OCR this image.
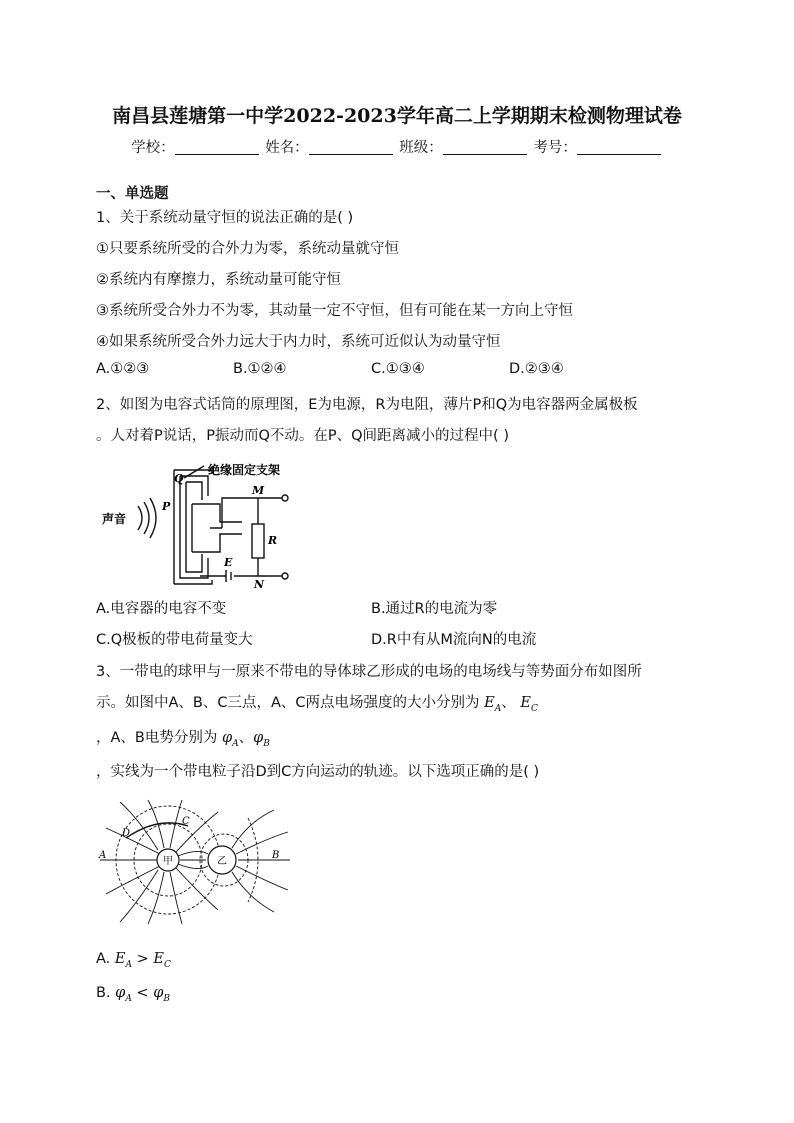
南昌县莲塘第一中学2022-2023学年高二上学期期末检测物理试卷
学校：	姓名：	班级：	考号：
一、单选题
1、关于系统动量守恒的说法正确的是( )
①只要系统所受的合外力为零，系统动量就守恒
②系统内有摩擦力，系统动量可能守恒
③系统所受合外力不为零，其动量一定不守恒，但有可能在某一方向上守恒
④如果系统所受合外力远大于内力时，系统可近似认为动量守恒
A.①②③	B.①②④	C.①③④	D.②③④
2、如图为电容式话筒的原理图，E为电源，R为电阻，薄片P和Q为电容器两金属极板
。人对着P说话，P振动而Q不动。在P、Q间距离减小的过程中( )
绝缘固定支架
声音
Q
P
M
N
R
E
A.电容器的电容不变	B.通过R的电流为零
C.Q极板的带电荷量变大	D.R中有从M流向N的电流
3、一带电的球甲与一原来不带电的导体球乙形成的电场的电场线与等势面分布如图所
示。如图中A、B、C三点，A、C两点电场强度的大小分别为 $E_A$、 $E_C$
，A、B电势分别为 $\varphi_A$、$\varphi_B$
，实线为一个带电粒子沿D到C方向运动的轨迹。以下选项正确的是( )
甲	乙
A	B
C
D
A. $E_A > E_C$
B. $\varphi_A < \varphi_B$
